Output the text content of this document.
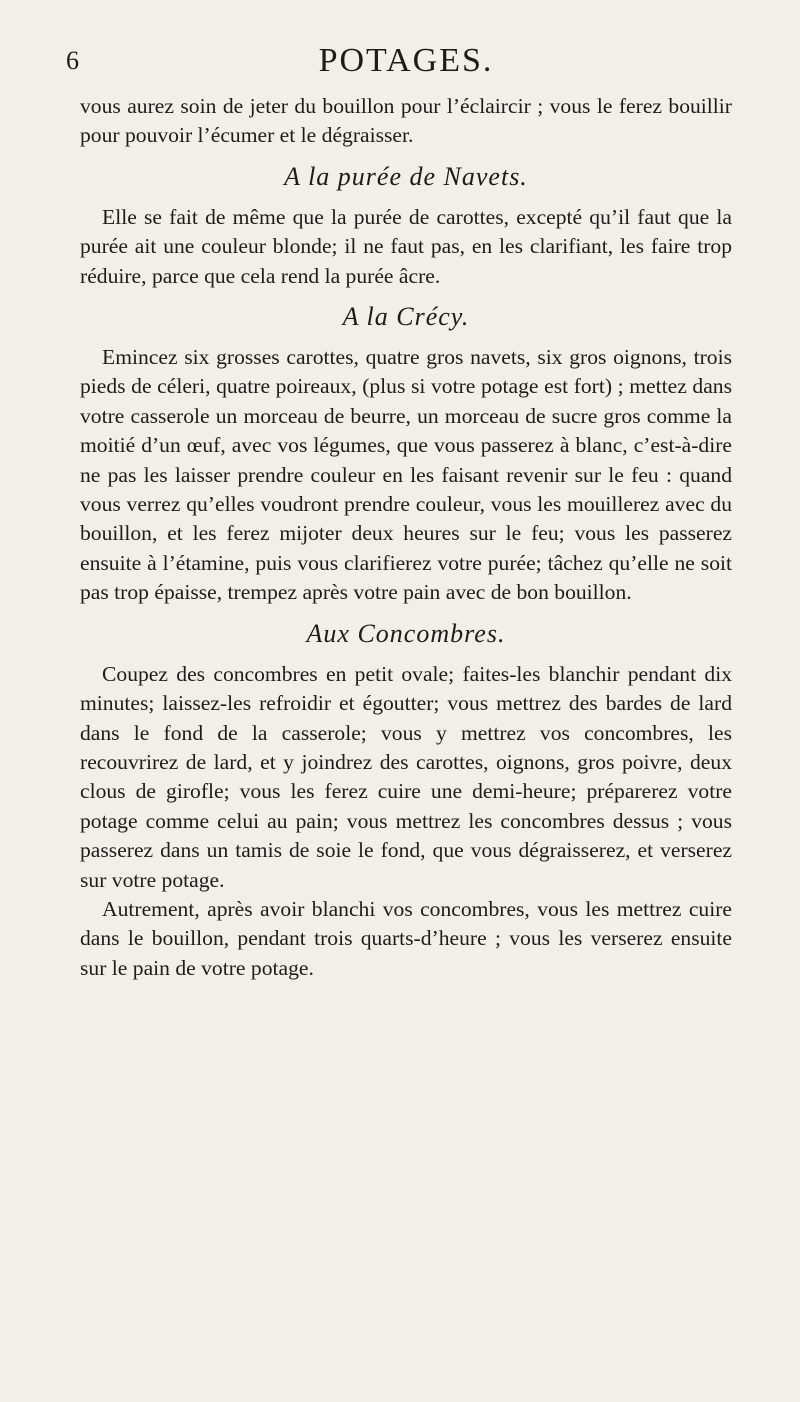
6	POTAGES.

vous aurez soin de jeter du bouillon pour l’éclaircir ; vous le ferez bouillir pour pouvoir l’écumer et le dégraisser.

A la purée de Navets.

Elle se fait de même que la purée de carottes, excepté qu’il faut que la purée ait une couleur blonde; il ne faut pas, en les clarifiant, les faire trop réduire, parce que cela rend la purée âcre.

A la Crécy.

Emincez six grosses carottes, quatre gros navets, six gros oignons, trois pieds de céleri, quatre poireaux, (plus si votre potage est fort) ; mettez dans votre casserole un morceau de beurre, un morceau de sucre gros comme la moitié d’un œuf, avec vos légumes, que vous passerez à blanc, c’est-à-dire ne pas les laisser prendre couleur en les faisant revenir sur le feu : quand vous verrez qu’elles voudront prendre couleur, vous les mouillerez avec du bouillon, et les ferez mijoter deux heures sur le feu; vous les passerez ensuite à l’étamine, puis vous clarifierez votre purée; tâchez qu’elle ne soit pas trop épaisse, trempez après votre pain avec de bon bouillon.

Aux Concombres.

Coupez des concombres en petit ovale; faites-les blanchir pendant dix minutes; laissez-les refroidir et égoutter; vous mettrez des bardes de lard dans le fond de la casserole; vous y mettrez vos concombres, les recouvrirez de lard, et y joindrez des carottes, oignons, gros poivre, deux clous de girofle; vous les ferez cuire une demi-heure; préparerez votre potage comme celui au pain; vous mettrez les concombres dessus ; vous passerez dans un tamis de soie le fond, que vous dégraisserez, et verserez sur votre potage.

Autrement, après avoir blanchi vos concombres, vous les mettrez cuire dans le bouillon, pendant trois quarts-d’heure ; vous les verserez ensuite sur le pain de votre potage.
